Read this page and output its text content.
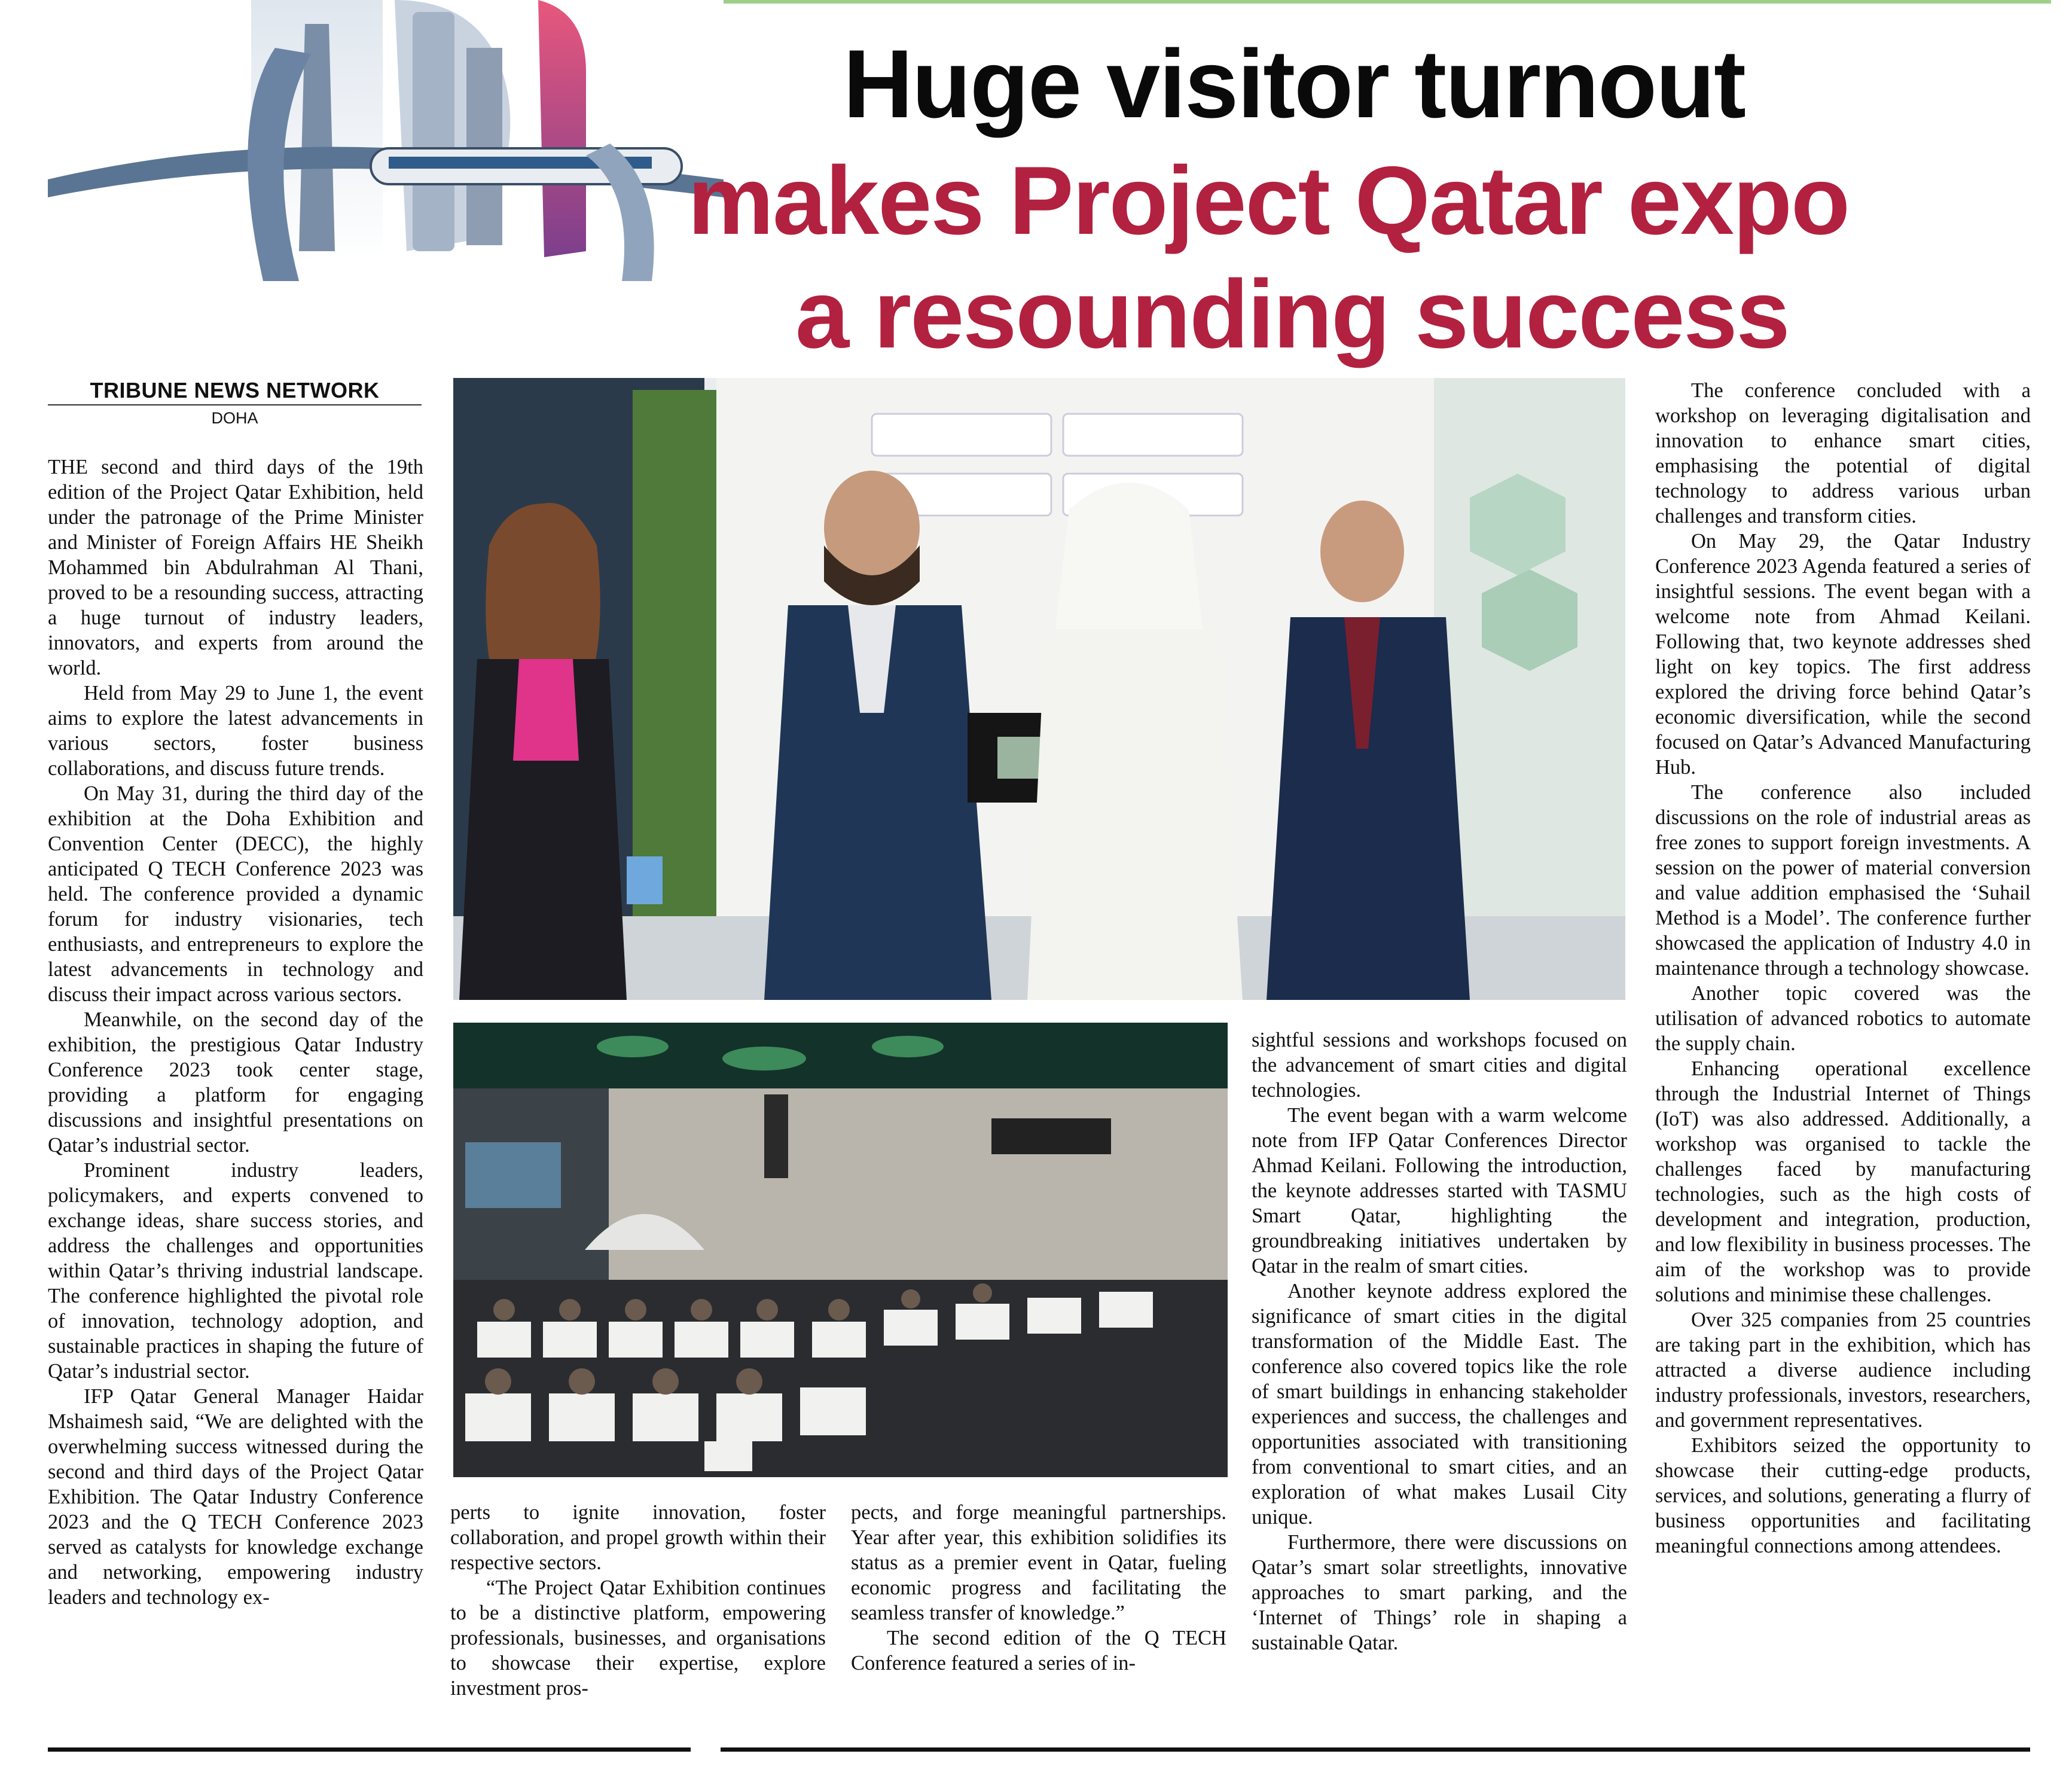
Huge visitor turnout
makes Project Qatar expo
a resounding success
TRIBUNE NEWS NETWORK
DOHA

THE second and third days of the 19th edition of the Project Qatar Exhibition, held under the patronage of the Prime Minister and Minister of Foreign Affairs HE Sheikh Mohammed bin Abdulrahman Al Thani, proved to be a resounding success, attracting a huge turnout of industry leaders, innovators, and experts from around the world.

Held from May 29 to June 1, the event aims to explore the latest advancements in various sectors, foster business collaborations, and discuss future trends.

On May 31, during the third day of the exhibition at the Doha Exhibition and Convention Center (DECC), the highly anticipated Q TECH Conference 2023 was held. The conference provided a dynamic forum for industry visionaries, tech enthusiasts, and entrepreneurs to explore the latest advancements in technology and discuss their impact across various sectors.

Meanwhile, on the second day of the exhibition, the prestigious Qatar Industry Conference 2023 took center stage, providing a platform for engaging discussions and insightful presentations on Qatar’s industrial sector.

Prominent industry leaders, policymakers, and experts convened to exchange ideas, share success stories, and address the challenges and opportunities within Qatar’s thriving industrial landscape. The conference highlighted the pivotal role of innovation, technology adoption, and sustainable practices in shaping the future of Qatar’s industrial sector.

IFP Qatar General Manager Haidar Mshaimesh said, “We are delighted with the overwhelming success witnessed during the second and third days of the Project Qatar Exhibition. The Qatar Industry Conference 2023 and the Q TECH Conference 2023 served as catalysts for knowledge exchange and networking, empowering industry leaders and technology ex-

perts to ignite innovation, foster collaboration, and propel growth within their respective sectors.

“The Project Qatar Exhibition continues to be a distinctive platform, empowering professionals, businesses, and organisations to showcase their expertise, explore investment pros-

pects, and forge meaningful partnerships. Year after year, this exhibition solidifies its status as a premier event in Qatar, fueling economic progress and facilitating the seamless transfer of knowledge.”

The second edition of the Q TECH Conference featured a series of in-

sightful sessions and workshops focused on the advancement of smart cities and digital technologies.

The event began with a warm welcome note from IFP Qatar Conferences Director Ahmad Keilani. Following the introduction, the keynote addresses started with TASMU Smart Qatar, highlighting the groundbreaking initiatives undertaken by Qatar in the realm of smart cities.

Another keynote address explored the significance of smart cities in the digital transformation of the Middle East. The conference also covered topics like the role of smart buildings in enhancing stakeholder experiences and success, the challenges and opportunities associated with transitioning from conventional to smart cities, and an exploration of what makes Lusail City unique.

Furthermore, there were discussions on Qatar’s smart solar streetlights, innovative approaches to smart parking, and the ‘Internet of Things’ role in shaping a sustainable Qatar.

The conference concluded with a workshop on leveraging digitalisation and innovation to enhance smart cities, emphasising the potential of digital technology to address various urban challenges and transform cities.

On May 29, the Qatar Industry Conference 2023 Agenda featured a series of insightful sessions. The event began with a welcome note from Ahmad Keilani. Following that, two keynote addresses shed light on key topics. The first address explored the driving force behind Qatar’s economic diversification, while the second focused on Qatar’s Advanced Manufacturing Hub.

The conference also included discussions on the role of industrial areas as free zones to support foreign investments. A session on the power of material conversion and value addition emphasised the ‘Suhail Method is a Model’. The conference further showcased the application of Industry 4.0 in maintenance through a technology showcase.

Another topic covered was the utilisation of advanced robotics to automate the supply chain.

Enhancing operational excellence through the Industrial Internet of Things (IoT) was also addressed. Additionally, a workshop was organised to tackle the challenges faced by manufacturing technologies, such as the high costs of development and integration, production, and low flexibility in business processes. The aim of the workshop was to provide solutions and minimise these challenges.

Over 325 companies from 25 countries are taking part in the exhibition, which has attracted a diverse audience including industry professionals, investors, researchers, and government representatives.

Exhibitors seized the opportunity to showcase their cutting-edge products, services, and solutions, generating a flurry of business opportunities and facilitating meaningful connections among attendees.
